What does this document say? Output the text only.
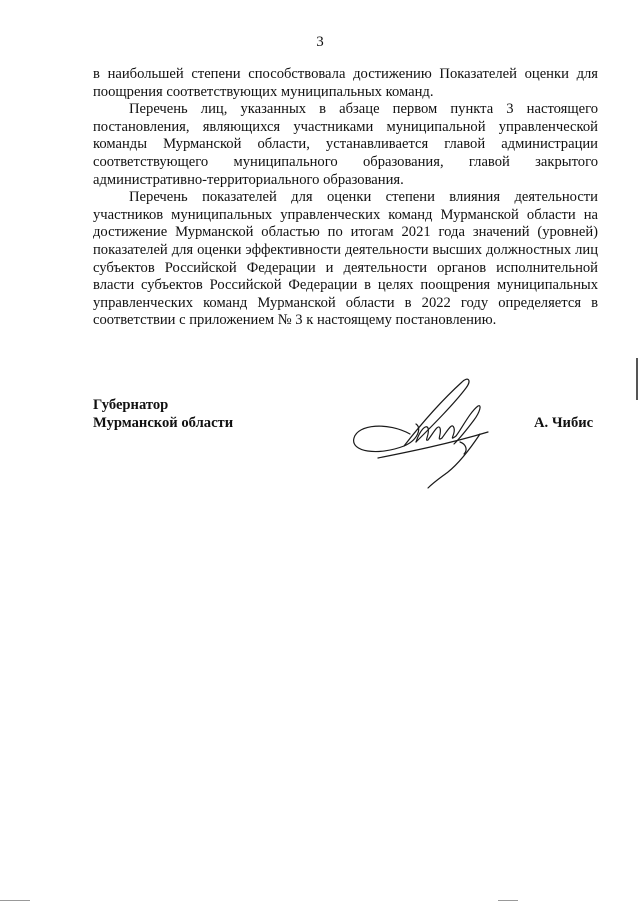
3

в наибольшей степени способствовала достижению Показателей оценки для поощрения соответствующих муниципальных команд.

Перечень лиц, указанных в абзаце первом пункта 3 настоящего постановления, являющихся участниками муниципальной управленческой команды Мурманской области, устанавливается главой администрации соответствующего муниципального образования, главой закрытого административно-территориального образования.

Перечень показателей для оценки степени влияния деятельности участников муниципальных управленческих команд Мурманской области на достижение Мурманской областью по итогам 2021 года значений (уровней) показателей для оценки эффективности деятельности высших должностных лиц субъектов Российской Федерации и деятельности органов исполнительной власти субъектов Российской Федерации в целях поощрения муниципальных управленческих команд Мурманской области в 2022 году определяется в соответствии с приложением № 3 к настоящему постановлению.

Губернатор
Мурманской области	А. Чибис
